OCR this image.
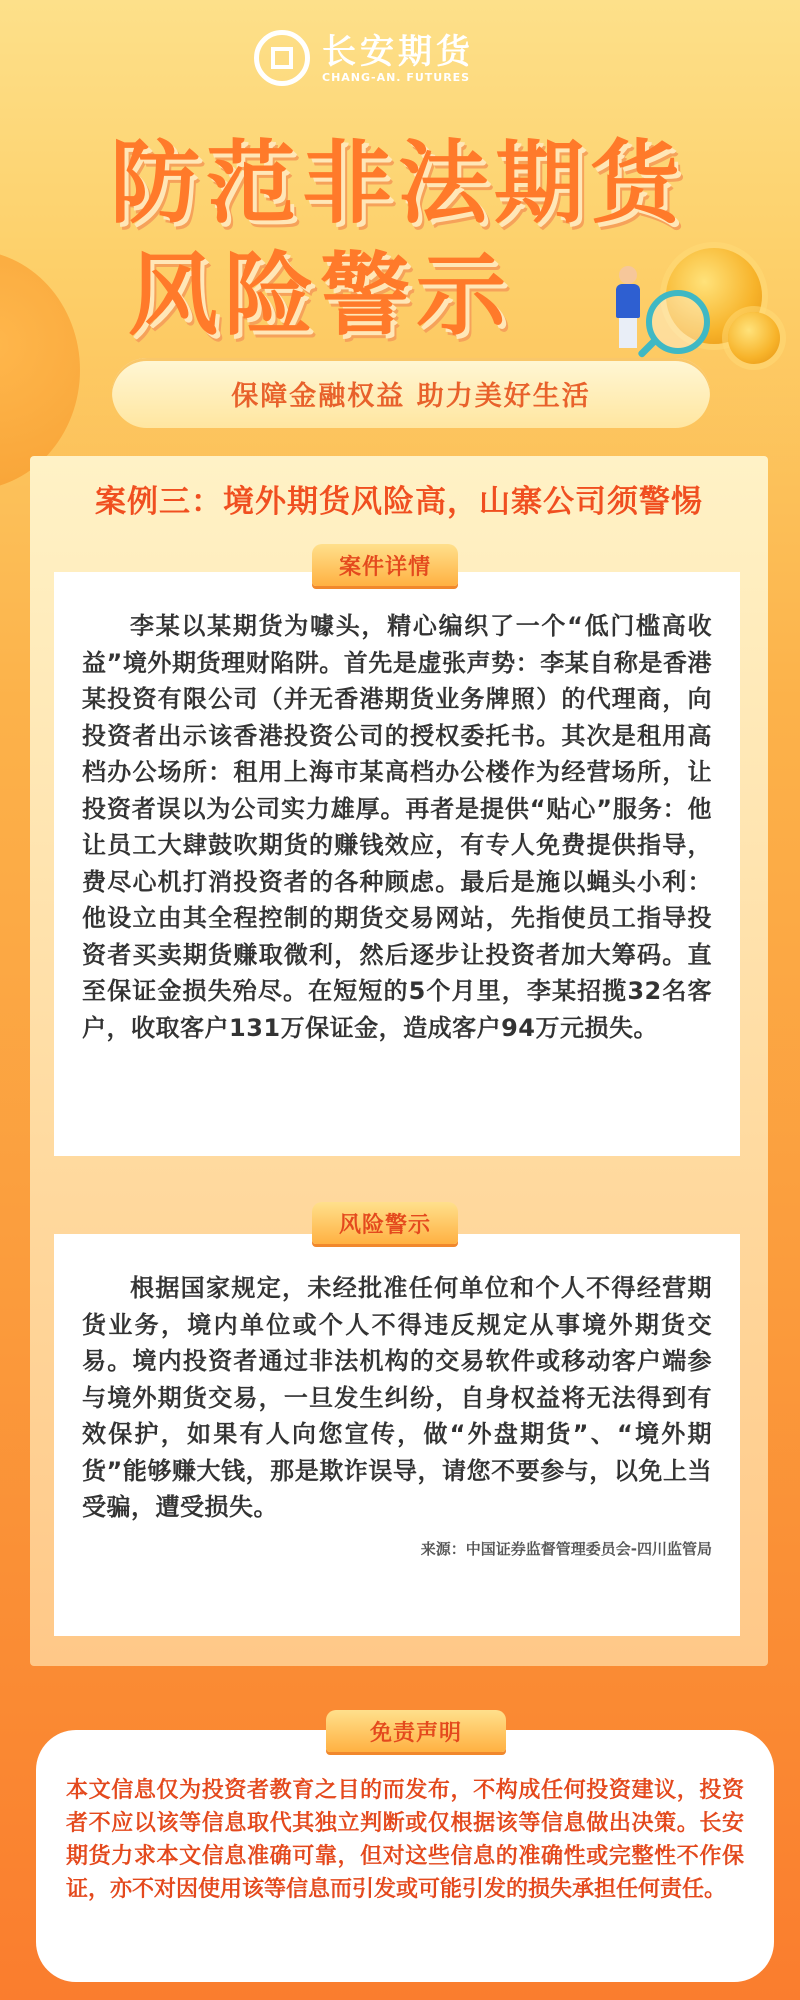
长安期货
CHANG-AN. FUTURES
防范非法期货
风险警示
保障金融权益 助力美好生活
案例三：境外期货风险高，山寨公司须警惕

李某以某期货为噱头，精心编织了一个“低门槛高收益”境外期货理财陷阱。首先是虚张声势：李某自称是香港某投资有限公司（并无香港期货业务牌照）的代理商，向投资者出示该香港投资公司的授权委托书。其次是租用高档办公场所：租用上海市某高档办公楼作为经营场所，让投资者误以为公司实力雄厚。再者是提供“贴心”服务：他让员工大肆鼓吹期货的赚钱效应，有专人免费提供指导，费尽心机打消投资者的各种顾虑。最后是施以蝇头小利：他设立由其全程控制的期货交易网站，先指使员工指导投资者买卖期货赚取微利，然后逐步让投资者加大筹码。直至保证金损失殆尽。在短短的5个月里，李某招揽32名客户，收取客户131万保证金，造成客户94万元损失。

案件详情

根据国家规定，未经批准任何单位和个人不得经营期货业务，境内单位或个人不得违反规定从事境外期货交易。境内投资者通过非法机构的交易软件或移动客户端参与境外期货交易，一旦发生纠纷，自身权益将无法得到有效保护，如果有人向您宣传，做“外盘期货”、“境外期货”能够赚大钱，那是欺诈误导，请您不要参与，以免上当受骗，遭受损失。

来源：中国证券监督管理委员会-四川监管局
风险警示
本文信息仅为投资者教育之目的而发布，不构成任何投资建议，投资者不应以该等信息取代其独立判断或仅根据该等信息做出决策。长安期货力求本文信息准确可靠，但对这些信息的准确性或完整性不作保证，亦不对因使用该等信息而引发或可能引发的损失承担任何责任。
免责声明
